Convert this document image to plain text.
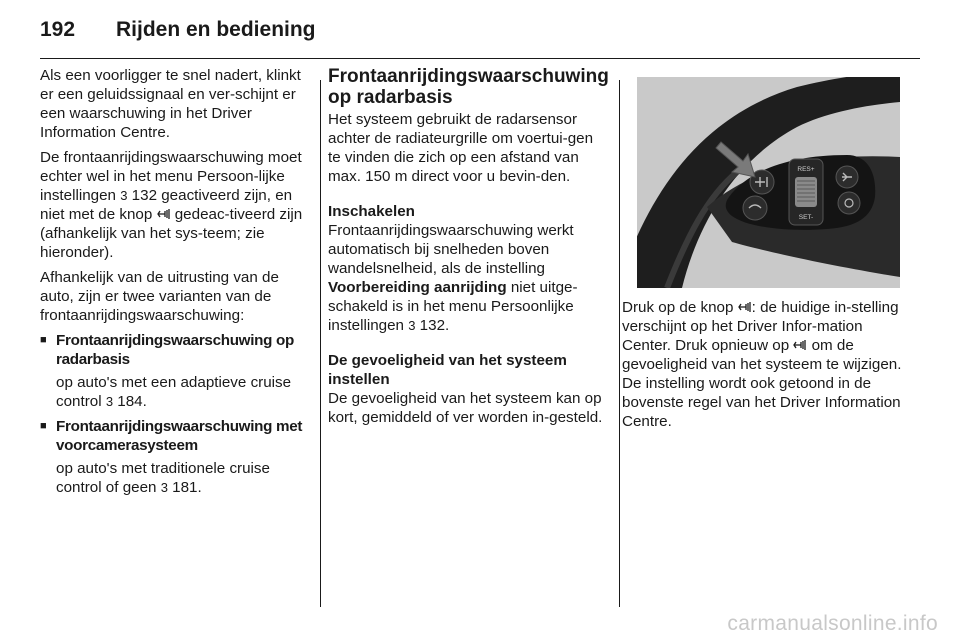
192	Rijden en bediening

Als een voorligger te snel nadert, klinkt er een geluidssignaal en ver-schijnt er een waarschuwing in het Driver Information Centre.

De frontaanrijdingswaarschuwing moet echter wel in het menu Persoon-lijke instellingen 3 132 geactiveerd zijn, en niet met de knop  gedeac-tiveerd zijn (afhankelijk van het sys-teem; zie hieronder).

Afhankelijk van de uitrusting van de auto, zijn er twee varianten van de frontaanrijdingswaarschuwing:

■ Frontaanrijdingswaarschuwing op radarbasis

op auto's met een adaptieve cruise control 3 184.

■ Frontaanrijdingswaarschuwing met voorcamerasysteem

op auto's met traditionele cruise control of geen 3 181.

Frontaanrijdingswaarschuwing op radarbasis

Het systeem gebruikt de radarsensor achter de radiateurgrille om voertui-gen te vinden die zich op een afstand van max. 150 m direct voor u bevin-den.

Inschakelen

Frontaanrijdingswaarschuwing werkt automatisch bij snelheden boven wandelsnelheid, als de instelling Voorbereiding aanrijding niet uitge-schakeld is in het menu Persoonlijke instellingen 3 132.

De gevoeligheid van het systeem instellen

De gevoeligheid van het systeem kan op kort, gemiddeld of ver worden in-gesteld.

RES+
SET-

Druk op de knop : de huidige in-stelling verschijnt op het Driver Infor-mation Center. Druk opnieuw op  om de gevoeligheid van het systeem te wijzigen. De instelling wordt ook getoond in de bovenste regel van het Driver Information Centre.

carmanualsonline.info
